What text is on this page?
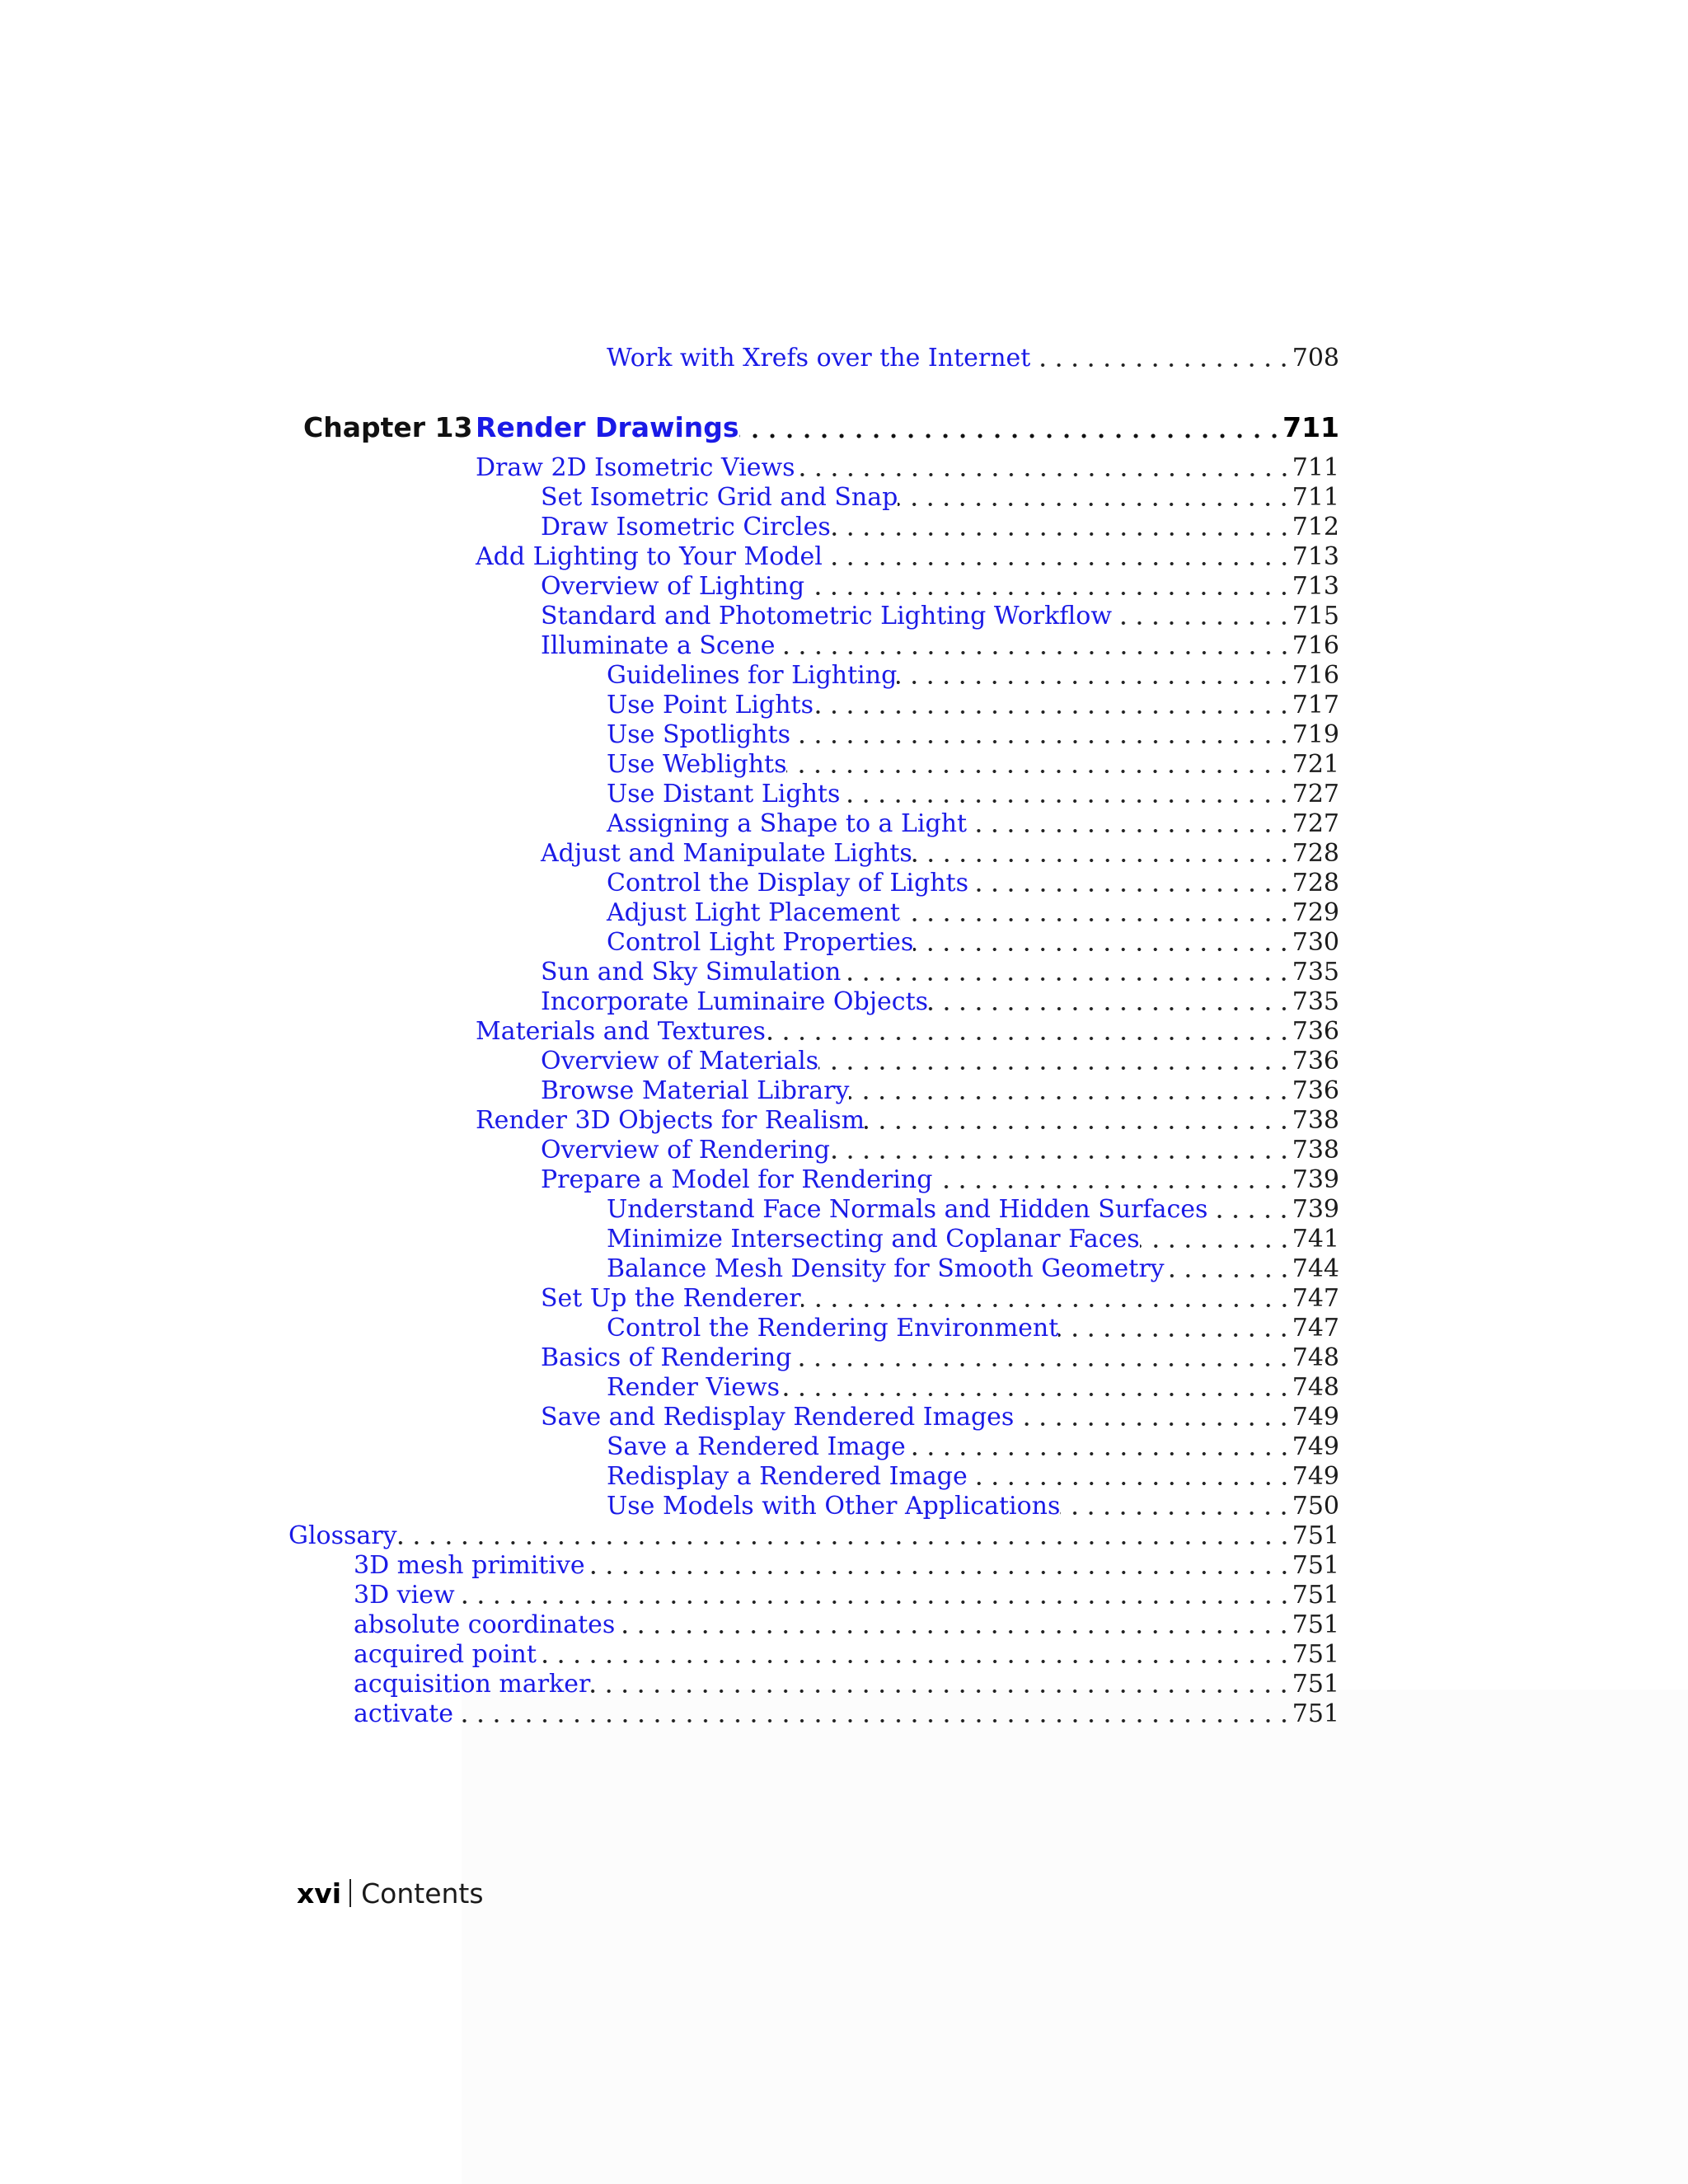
Work with Xrefs over the Internet	708
Chapter 13 Render Drawings	711
Draw 2D Isometric Views	711
Set Isometric Grid and Snap	711
Draw Isometric Circles	712
Add Lighting to Your Model	713
Overview of Lighting	713
Standard and Photometric Lighting Workflow	715
Illuminate a Scene	716
Guidelines for Lighting	716
Use Point Lights	717
Use Spotlights	719
Use Weblights	721
Use Distant Lights	727
Assigning a Shape to a Light	727
Adjust and Manipulate Lights	728
Control the Display of Lights	728
Adjust Light Placement	729
Control Light Properties	730
Sun and Sky Simulation	735
Incorporate Luminaire Objects	735
Materials and Textures	736
Overview of Materials	736
Browse Material Library	736
Render 3D Objects for Realism	738
Overview of Rendering	738
Prepare a Model for Rendering	739
Understand Face Normals and Hidden Surfaces	739
Minimize Intersecting and Coplanar Faces	741
Balance Mesh Density for Smooth Geometry	744
Set Up the Renderer	747
Control the Rendering Environment	747
Basics of Rendering	748
Render Views	748
Save and Redisplay Rendered Images	749
Save a Rendered Image	749
Redisplay a Rendered Image	749
Use Models with Other Applications	750
Glossary	751
3D mesh primitive	751
3D view	751
absolute coordinates	751
acquired point	751
acquisition marker	751
activate	751
xvi Contents
